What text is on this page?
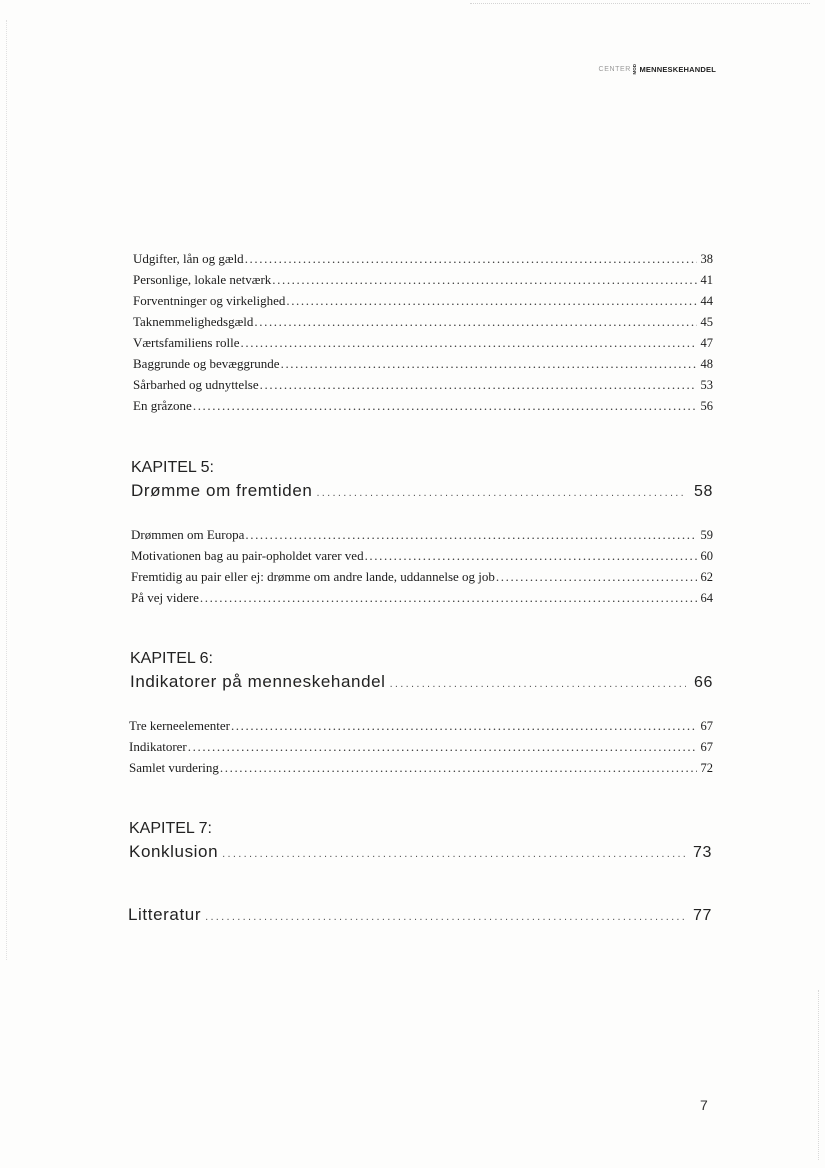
CENTER MOD MENNESKEHANDEL
Udgifter, lån og gæld .....	38
Personlige, lokale netværk .....	41
Forventninger og virkelighed .....	44
Taknemmelighedsgæld .....	45
Værtsfamiliens rolle .....	47
Baggrunde og bevæggrunde .....	48
Sårbarhed og udnyttelse .....	53
En gråzone .....	56
KAPITEL 5:
Drømme om fremtiden .....	58
Drømmen om Europa .....	59
Motivationen bag au pair-opholdet varer ved .....	60
Fremtidig au pair eller ej: drømme om andre lande, uddannelse og job .....	62
På vej videre .....	64
KAPITEL 6:
Indikatorer på menneskehandel .....	66
Tre kerneelementer .....	67
Indikatorer .....	67
Samlet vurdering .....	72
KAPITEL 7:
Konklusion .....	73
Litteratur .....	77
7
